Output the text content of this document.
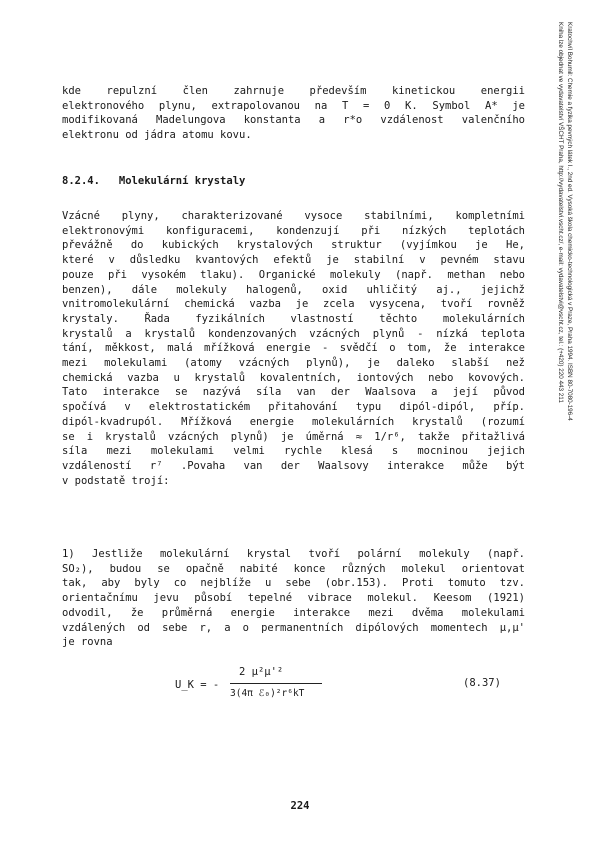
Kratochvíl Bohumil: Chemie a fyzika pevných látek I., 2nd ed. Vysoká škola chemicko-technologická v Praze, Praha 1994. ISBN 80-7080-196-4
Kniha lze objednat ve vydavatelství VŠCHT Praha, http://vydavatelstvi.vscht.cz/, e-mail: vydavatelstvi@vscht.cz, tel.: (+420) 220 443 211
kde repulzní člen zahrnuje především kinetickou energii
elektronového plynu, extrapolovanou na T = 0 K. Symbol A* je
modifikovaná Madelungova konstanta a r*o vzdálenost valenčního
elektronu od jádra atomu kovu.
8.2.4. Molekulární krystaly
Vzácné plyny, charakterizované vysoce stabilními, kompletními
elektronovými konfiguracemi, kondenzují při nízkých teplotách
převážně do kubických krystalových struktur (vyjímkou je He,
které v důsledku kvantových efektů je stabilní v pevném stavu
pouze při vysokém tlaku). Organické molekuly (např. methan nebo
benzen), dále molekuly halogenů, oxid uhličitý aj., jejichž
vnitromolekulární chemická vazba je zcela vysycena, tvoří rovněž
krystaly. Řada fyzikálních vlastností těchto molekulárních
krystalů a krystalů kondenzovaných vzácných plynů - nízká teplota
tání, měkkost, malá mřížková energie - svědčí o tom, že interakce
mezi molekulami (atomy vzácných plynů), je daleko slabší než
chemická vazba u krystalů kovalentních, iontových nebo kovových.
Tato interakce se nazývá síla van der Waalsova a její původ
spočívá v elektrostatickém přitahování typu dipól-dipól, příp.
dipól-kvadrupól. Mřížková energie molekulárních krystalů (rozumí
se i krystalů vzácných plynů) je úměrná ≈ 1/r⁶, takže přitažlivá
síla mezi molekulami velmi rychle klesá s mocninou jejich
vzdáleností r⁷ .Povaha van der Waalsovy interakce může být
v podstatě trojí:
1) Jestliže molekulární krystal tvoří polární molekuly (např.
SO₂), budou se opačně nabité konce různých molekul orientovat
tak, aby byly co nejblíže u sebe (obr.153). Proti tomuto tzv.
orientačnímu jevu působí tepelné vibrace molekul. Keesom (1921)
odvodil, že průměrná energie interakce mezi dvěma molekulami
vzdálených od sebe r, a o permanentních dipólových momentech μ,μ'
je rovna
U_K = -
2 μ²μ'²
3(4π ℰ₀)²r⁶kT
(8.37)
224
